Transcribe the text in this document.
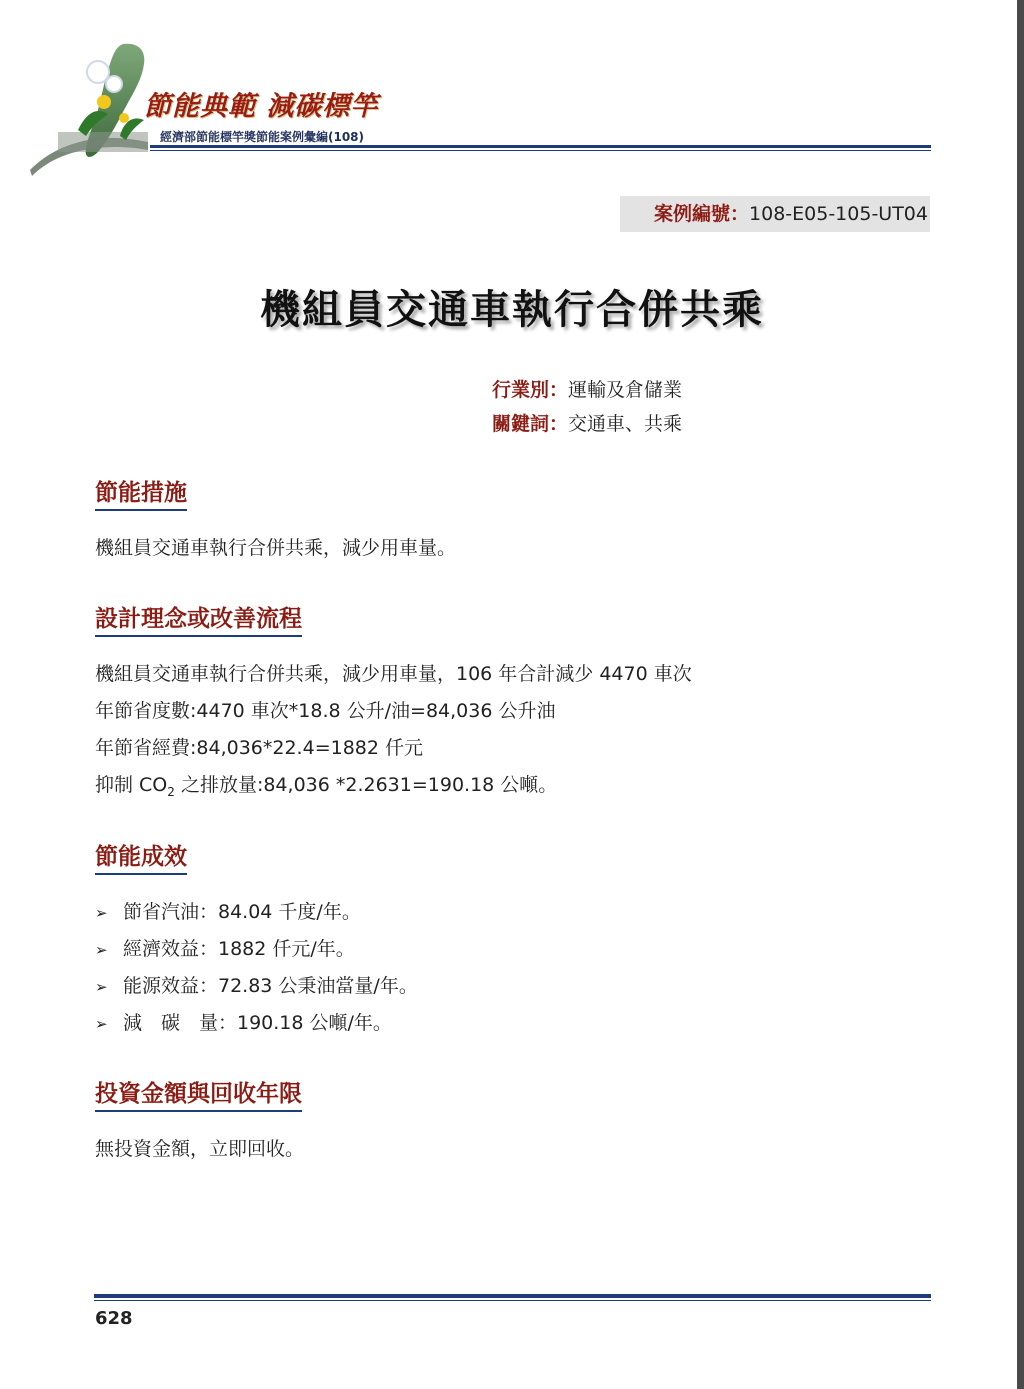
節能典範 減碳標竿
經濟部節能標竿獎節能案例彙編(108)
案例編號：108-E05-105-UT04
機組員交通車執行合併共乘
行業別：運輸及倉儲業
關鍵詞：交通車、共乘
節能措施
機組員交通車執行合併共乘，減少用車量。
設計理念或改善流程
機組員交通車執行合併共乘，減少用車量，106 年合計減少 4470 車次
年節省度數:4470 車次*18.8 公升/油=84,036 公升油
年節省經費:84,036*22.4=1882 仟元
抑制 $CO_2$ 之排放量:84,036 *2.2631=190.18 公噸。
節能成效
➢ 節省汽油：84.04 千度/年。
➢ 經濟效益：1882 仟元/年。
➢ 能源效益：72.83 公秉油當量/年。
➢ 減　碳　量：190.18 公噸/年。
投資金額與回收年限
無投資金額，立即回收。
628
